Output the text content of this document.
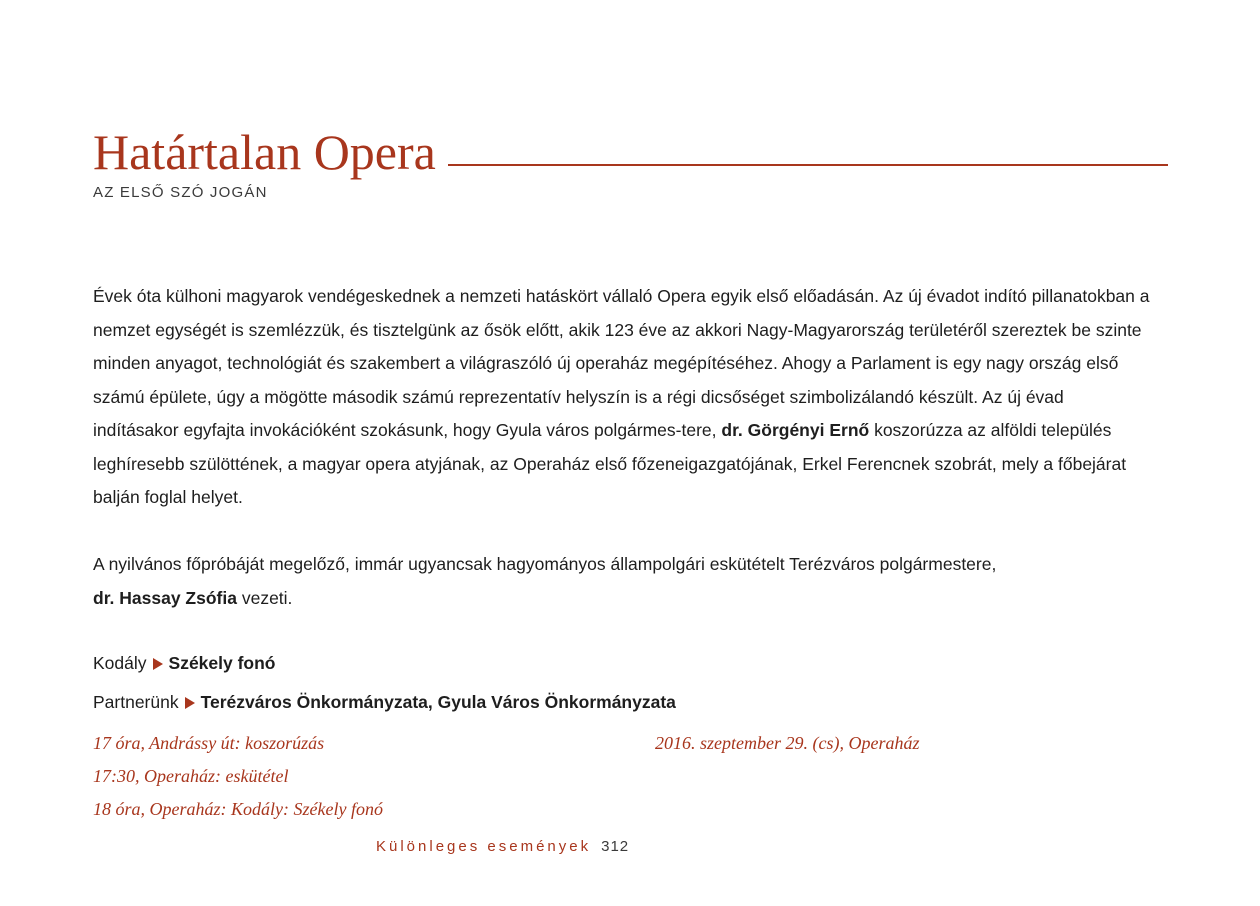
Határtalan Opera
AZ ELSŐ SZÓ JOGÁN

Évek óta külhoni magyarok vendégeskednek a nemzeti hatáskört vállaló Opera egyik első előadásán. Az új évadot indító pillanatokban a nemzet egységét is szemlézzük, és tisztelgünk az ősök előtt, akik 123 éve az akkori Nagy-Magyarország területéről szereztek be szinte minden anyagot, technológiát és szakembert a világraszóló új operaház megépítéséhez. Ahogy a Parlament is egy nagy ország első számú épülete, úgy a mögötte második számú reprezentatív helyszín is a régi dicsőséget szimbolizálandó készült. Az új évad indításakor egyfajta invokációként szokásunk, hogy Gyula város polgármes-tere, dr. Görgényi Ernő koszorúzza az alföldi település leghíresebb szülöttének, a magyar opera atyjának, az Operaház első főzeneigazgatójának, Erkel Ferencnek szobrát, mely a főbejárat balján foglal helyet.

A nyilvános főpróbáját megelőző, immár ugyancsak hagyományos állampolgári eskütételt Terézváros polgármestere,
dr. Hassay Zsófia vezeti.

Kodály Székely fonó
Partnerünk Terézváros Önkormányzata, Gyula Város Önkormányzata
17 óra, Andrássy út: koszorúzás
17:30, Operaház: eskütétel
18 óra, Operaház: Kodály: Székely fonó
2016. szeptember 29. (cs), Operaház
Különleges események 312
